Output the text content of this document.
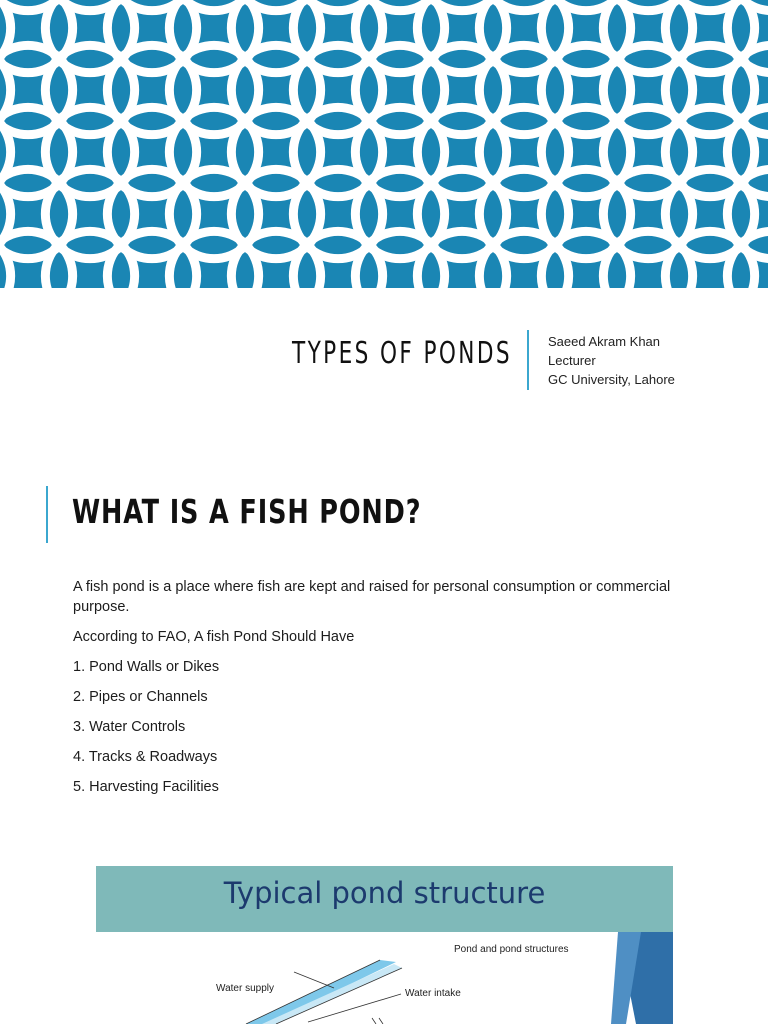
TYPES OF PONDS	Saeed Akram Khan
Lecturer
GC University, Lahore
WHAT IS A FISH POND?

A fish pond is a place where fish are kept and raised for personal consumption or commercial purpose.

According to FAO, A fish Pond Should Have

1. Pond Walls or Dikes

2. Pipes or Channels

3. Water Controls

4. Tracks & Roadways

5. Harvesting Facilities

Typical pond structure
Pond and pond structures
Water supply	Water intake
